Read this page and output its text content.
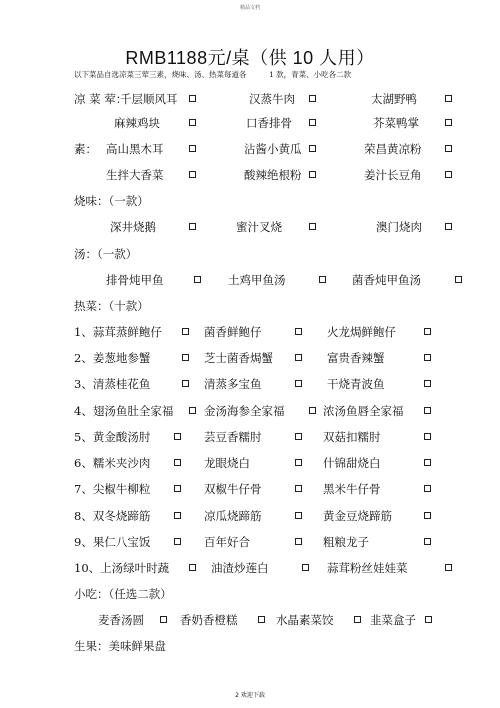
精品文档
RMB1188元/桌（供 10 人用）
以下菜品自选凉菜三荤三素，烧味、汤、热菜每道各　　　1 款，青菜、小吃各二款
凉 菜 荤：
千层顺风耳	汉蒸牛肉	太湖野鸭
麻辣鸡块	口香排骨	芥菜鸭掌
素： 高山黑木耳	沾酱小黄瓜	荣昌黄凉粉
生拌大香菜	酸辣绝根粉	姜汁长豆角
烧味：（一款）
深井烧鹅	蜜汁叉烧	澳门烧肉
汤：（一款）
排骨炖甲鱼	土鸡甲鱼汤	菌香炖甲鱼汤
热菜：（十款）
1、蒜茸蒸鲜鲍仔	菌香鲜鲍仔	火龙焗鲜鲍仔
2、姜葱地参蟹	芝士菌香焗蟹	富贵香辣蟹
3、清蒸桂花鱼	清蒸多宝鱼	干烧青波鱼
4、翅汤鱼肚全家福	金汤海参全家福	浓汤鱼唇全家福
5、黄金酸汤肘	芸豆香糯肘	双菇扣糯肘
6、糯米夹沙肉	龙眼烧白	什锦甜烧白
7、尖椒牛柳粒	双椒牛仔骨	黑米牛仔骨
8、双冬烧蹄筋	凉瓜烧蹄筋	黄金豆烧蹄筋
9、果仁八宝饭	百年好合	粗粮龙子
10、上汤绿叶时蔬	油渣炒莲白	蒜茸粉丝娃娃菜
小吃：（任选二款）
麦香汤圆	香奶香橙糕	水晶素菜饺	韭菜盒子
生果：美味鲜果盘
2 欢迎下载
